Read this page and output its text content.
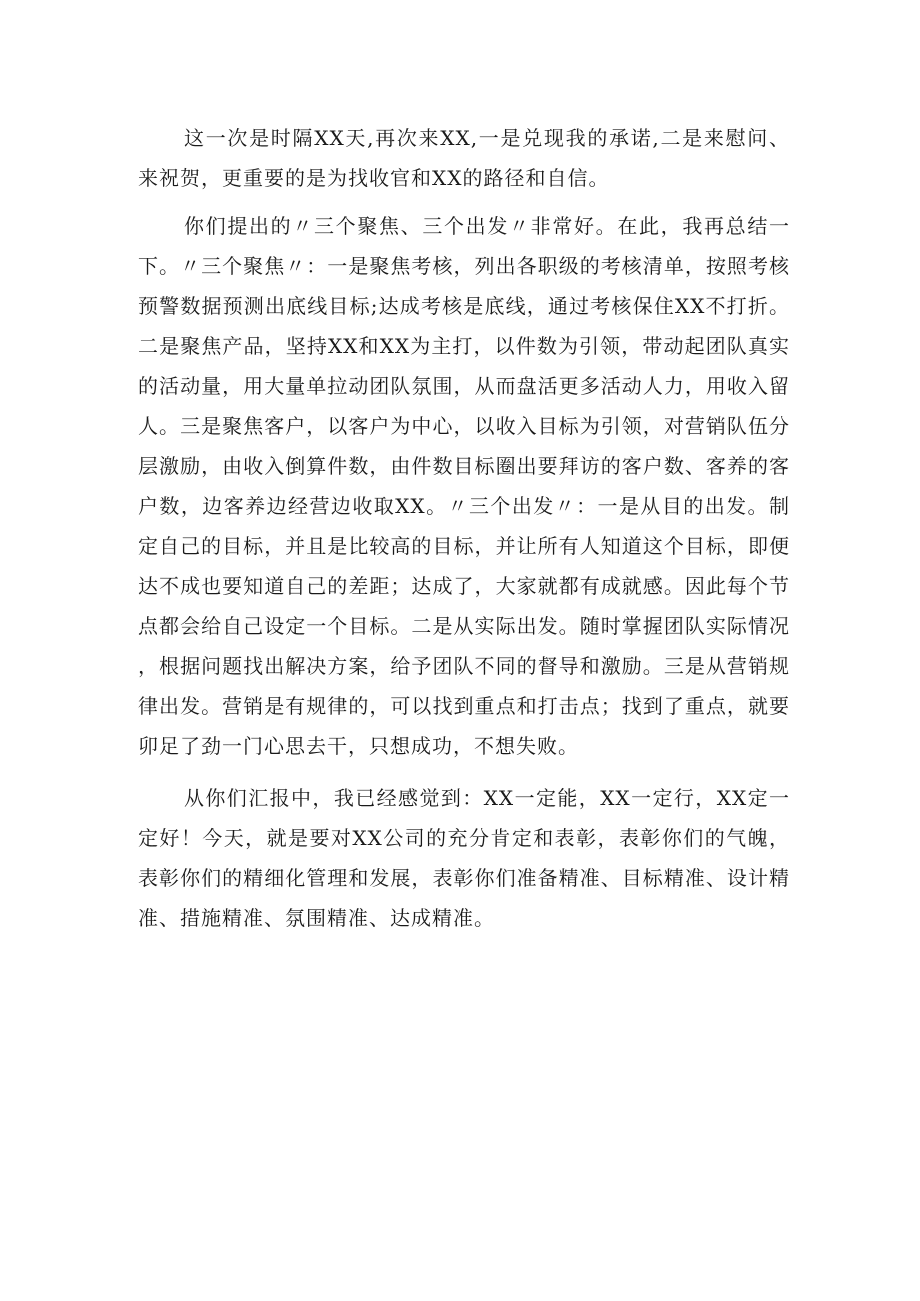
这一次是时隔XX天,再次来XX,一是兑现我的承诺,二是来慰问、来祝贺，更重要的是为找收官和XX的路径和自信。

你们提出的〃三个聚焦、三个出发〃非常好。在此，我再总结一下。〃三个聚焦〃：一是聚焦考核，列出各职级的考核清单，按照考核预警数据预测出底线目标;达成考核是底线，通过考核保住XX不打折。二是聚焦产品，坚持XX和XX为主打，以件数为引领，带动起团队真实的活动量，用大量单拉动团队氛围，从而盘活更多活动人力，用收入留人。三是聚焦客户，以客户为中心，以收入目标为引领，对营销队伍分层激励，由收入倒算件数，由件数目标圈出要拜访的客户数、客养的客户数，边客养边经营边收取XX。〃三个出发〃：一是从目的出发。制定自己的目标，并且是比较高的目标，并让所有人知道这个目标，即便达不成也要知道自己的差距；达成了，大家就都有成就感。因此每个节点都会给自己设定一个目标。二是从实际出发。随时掌握团队实际情况，根据问题找出解决方案，给予团队不同的督导和激励。三是从营销规律出发。营销是有规律的，可以找到重点和打击点；找到了重点，就要卯足了劲一门心思去干，只想成功，不想失败。

从你们汇报中，我已经感觉到：XX一定能，XX一定行，XX定一定好！今天，就是要对XX公司的充分肯定和表彰，表彰你们的气魄，表彰你们的精细化管理和发展，表彰你们准备精准、目标精准、设计精准、措施精准、氛围精准、达成精准。
